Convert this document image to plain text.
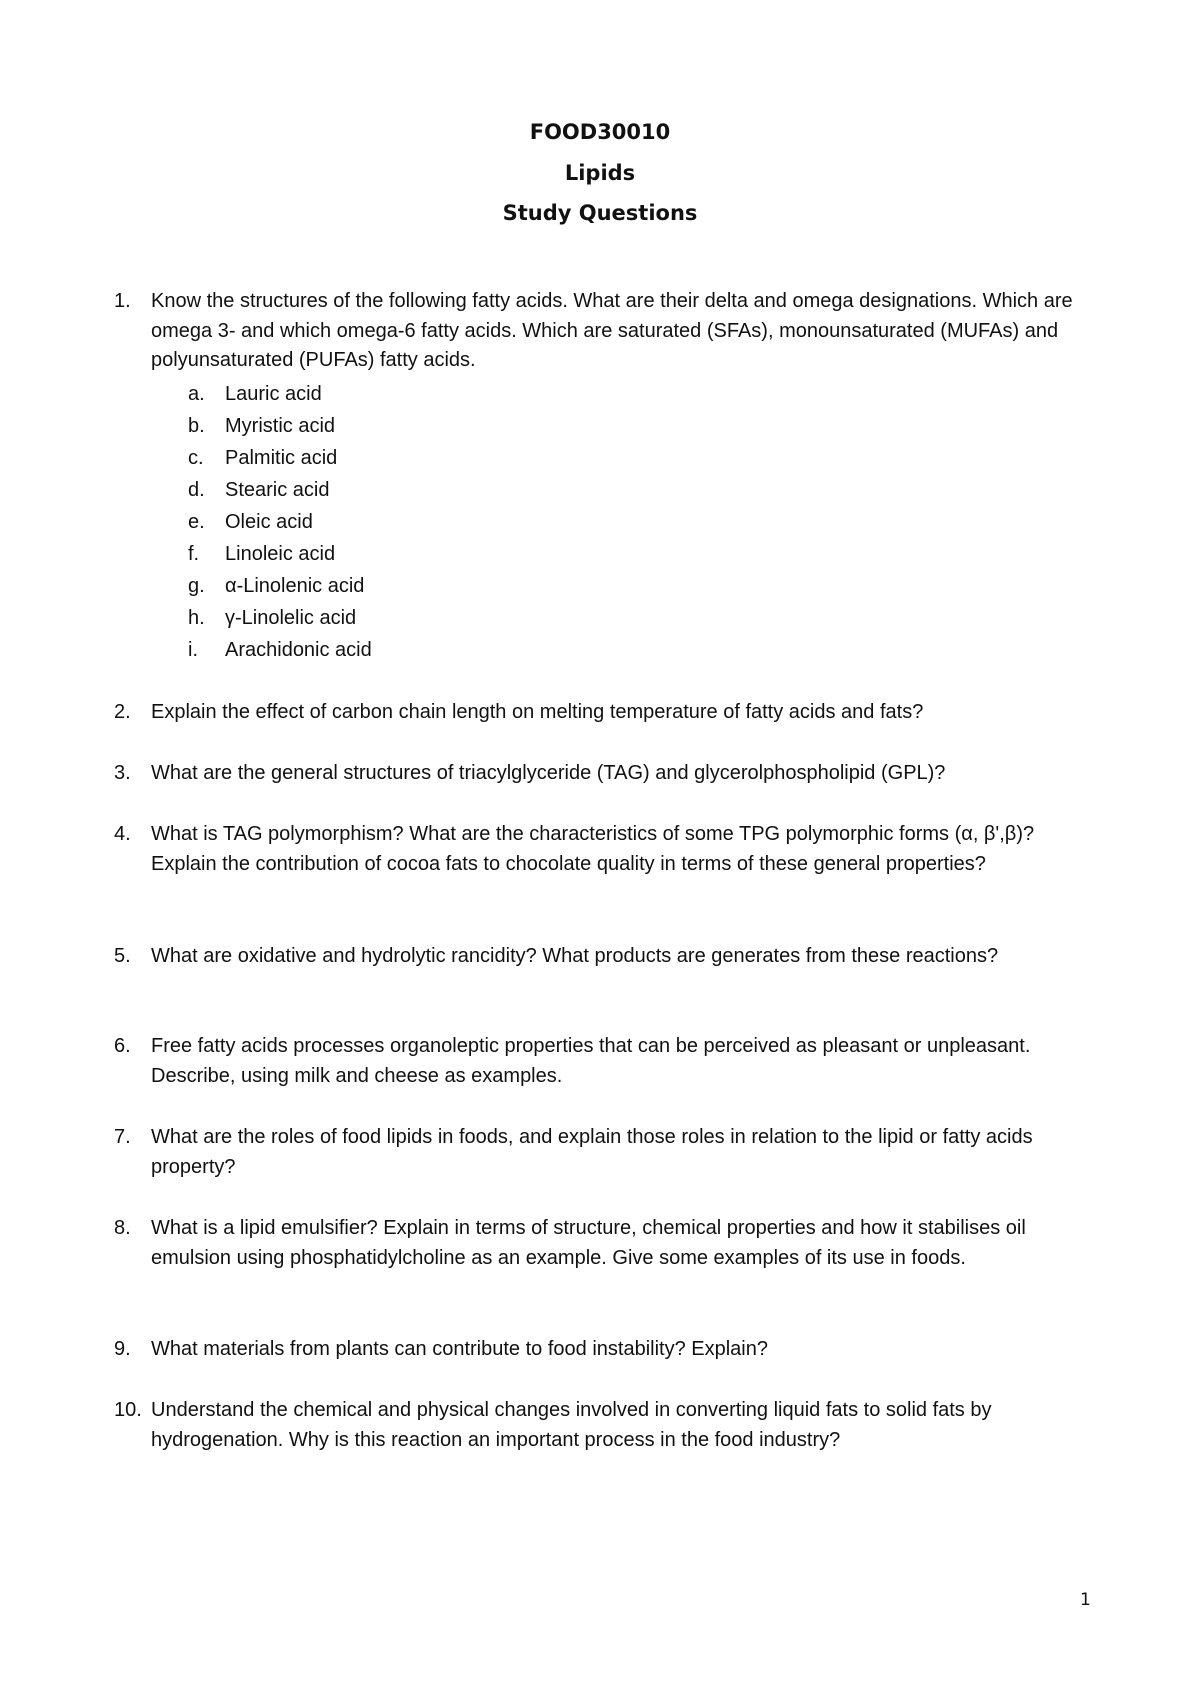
FOOD30010
Lipids
Study Questions
1. Know the structures of the following fatty acids. What are their delta and omega designations. Which are omega 3- and which omega-6 fatty acids. Which are saturated (SFAs), monounsaturated (MUFAs) and polyunsaturated (PUFAs) fatty acids.
a. Lauric acid
b. Myristic acid
c. Palmitic acid
d. Stearic acid
e. Oleic acid
f. Linoleic acid
g. α-Linolenic acid
h. γ-Linolelic acid
i. Arachidonic acid
2. Explain the effect of carbon chain length on melting temperature of fatty acids and fats?
3. What are the general structures of triacylglyceride (TAG) and glycerolphospholipid (GPL)?
4. What is TAG polymorphism? What are the characteristics of some TPG polymorphic forms (α, β',β)? Explain the contribution of cocoa fats to chocolate quality in terms of these general properties?
5. What are oxidative and hydrolytic rancidity? What products are generates from these reactions?
6. Free fatty acids processes organoleptic properties that can be perceived as pleasant or unpleasant. Describe, using milk and cheese as examples.
7. What are the roles of food lipids in foods, and explain those roles in relation to the lipid or fatty acids property?
8. What is a lipid emulsifier? Explain in terms of structure, chemical properties and how it stabilises oil emulsion using phosphatidylcholine as an example. Give some examples of its use in foods.
9. What materials from plants can contribute to food instability? Explain?
10. Understand the chemical and physical changes involved in converting liquid fats to solid fats by hydrogenation. Why is this reaction an important process in the food industry?
1
